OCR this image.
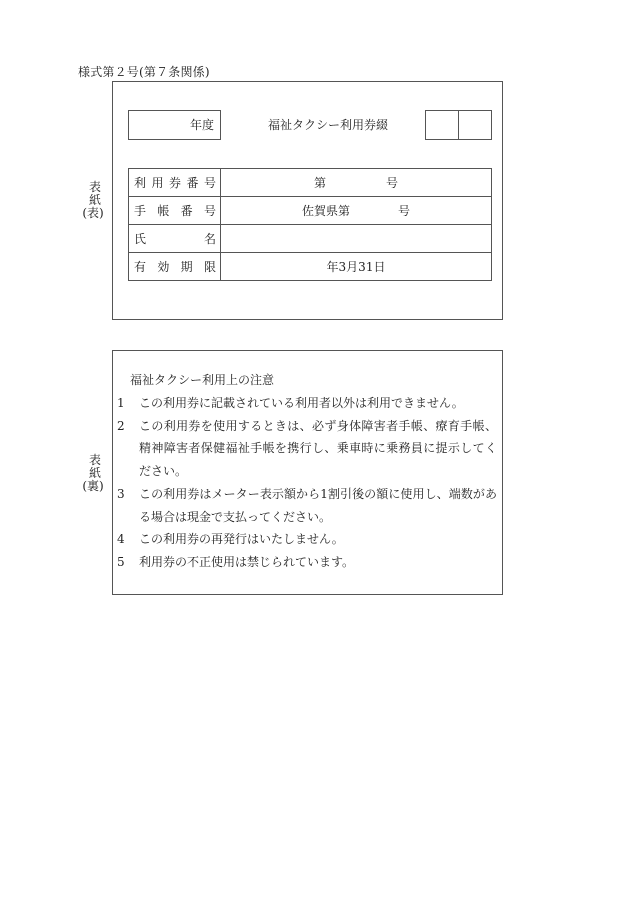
様式第２号(第７条関係)
表
紙
(表)
年度	福祉タクシー利用券綴
利用券番号	第　　　　　号

手帳番号	佐賀県第　　　　号

氏名	

有効期限	年3月31日
表
紙
(裏)
福祉タクシー利用上の注意
1	この利用券に記載されている利用者以外は利用できません。
2	この利用券を使用するときは、必ず身体障害者手帳、療育手帳、精神障害者保健福祉手帳を携行し、乗車時に乗務員に提示してください。
3	この利用券はメーター表示額から1割引後の額に使用し、端数がある場合は現金で支払ってください。
4	この利用券の再発行はいたしません。
5	利用券の不正使用は禁じられています。
